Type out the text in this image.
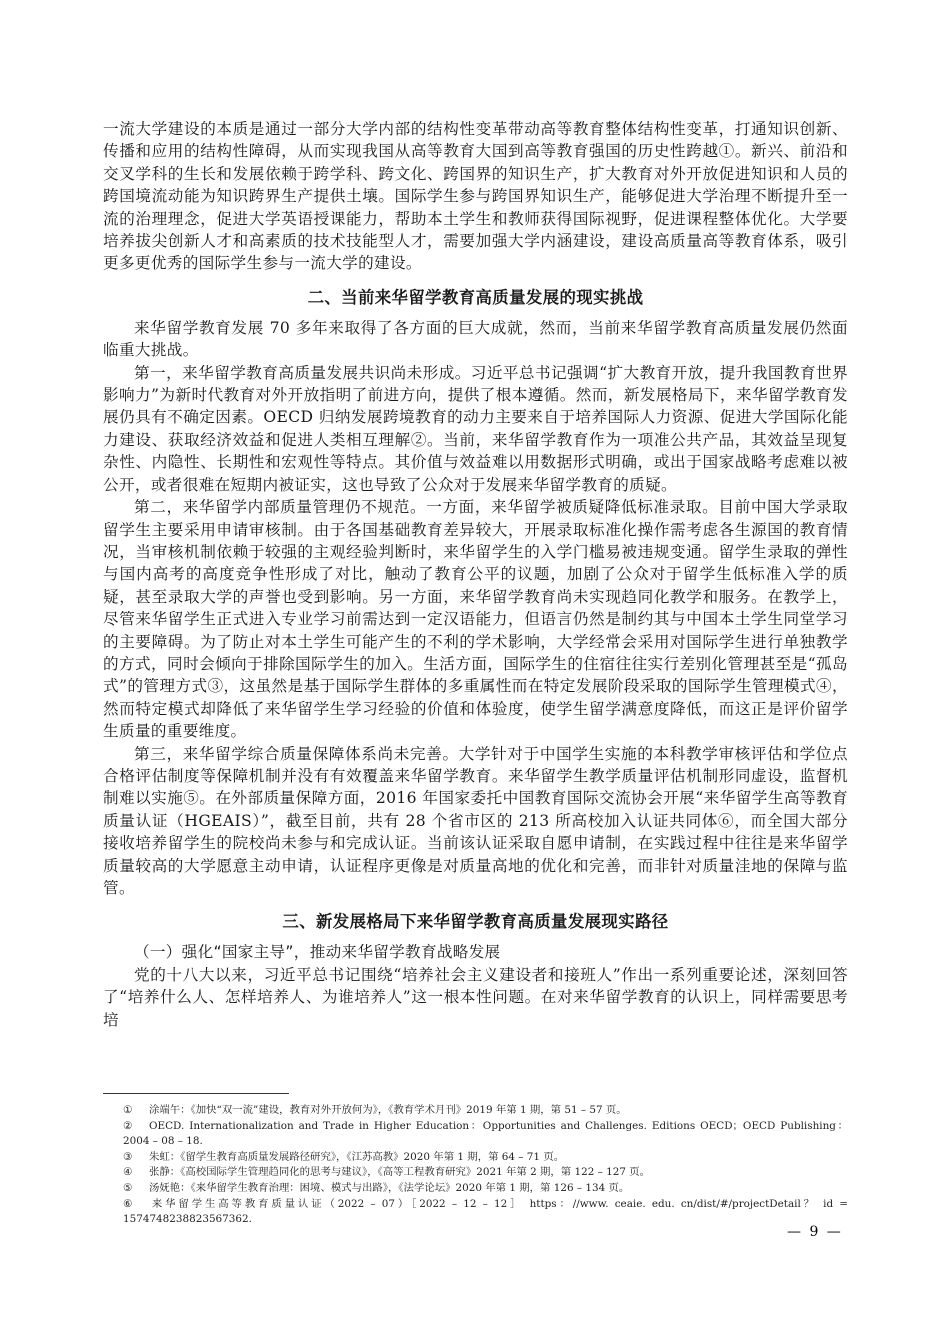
一流大学建设的本质是通过一部分大学内部的结构性变革带动高等教育整体结构性变革，打通知识创新、传播和应用的结构性障碍，从而实现我国从高等教育大国到高等教育强国的历史性跨越①。新兴、前沿和交叉学科的生长和发展依赖于跨学科、跨文化、跨国界的知识生产，扩大教育对外开放促进知识和人员的跨国境流动能为知识跨界生产提供土壤。国际学生参与跨国界知识生产，能够促进大学治理不断提升至一流的治理理念，促进大学英语授课能力，帮助本土学生和教师获得国际视野，促进课程整体优化。大学要培养拔尖创新人才和高素质的技术技能型人才，需要加强大学内涵建设，建设高质量高等教育体系，吸引更多更优秀的国际学生参与一流大学的建设。

二、当前来华留学教育高质量发展的现实挑战

来华留学教育发展 70 多年来取得了各方面的巨大成就，然而，当前来华留学教育高质量发展仍然面临重大挑战。

第一，来华留学教育高质量发展共识尚未形成。习近平总书记强调“扩大教育开放，提升我国教育世界影响力”为新时代教育对外开放指明了前进方向，提供了根本遵循。然而，新发展格局下，来华留学教育发展仍具有不确定因素。OECD 归纳发展跨境教育的动力主要来自于培养国际人力资源、促进大学国际化能力建设、获取经济效益和促进人类相互理解②。当前，来华留学教育作为一项准公共产品，其效益呈现复杂性、内隐性、长期性和宏观性等特点。其价值与效益难以用数据形式明确，或出于国家战略考虑难以被公开，或者很难在短期内被证实，这也导致了公众对于发展来华留学教育的质疑。

第二，来华留学内部质量管理仍不规范。一方面，来华留学被质疑降低标准录取。目前中国大学录取留学生主要采用申请审核制。由于各国基础教育差异较大，开展录取标准化操作需考虑各生源国的教育情况，当审核机制依赖于较强的主观经验判断时，来华留学生的入学门槛易被违规变通。留学生录取的弹性与国内高考的高度竞争性形成了对比，触动了教育公平的议题，加剧了公众对于留学生低标准入学的质疑，甚至录取大学的声誉也受到影响。另一方面，来华留学教育尚未实现趋同化教学和服务。在教学上，尽管来华留学生正式进入专业学习前需达到一定汉语能力，但语言仍然是制约其与中国本土学生同堂学习的主要障碍。为了防止对本土学生可能产生的不利的学术影响，大学经常会采用对国际学生进行单独教学的方式，同时会倾向于排除国际学生的加入。生活方面，国际学生的住宿往往实行差别化管理甚至是“孤岛式”的管理方式③，这虽然是基于国际学生群体的多重属性而在特定发展阶段采取的国际学生管理模式④，然而特定模式却降低了来华留学生学习经验的价值和体验度，使学生留学满意度降低，而这正是评价留学生质量的重要维度。

第三，来华留学综合质量保障体系尚未完善。大学针对于中国学生实施的本科教学审核评估和学位点合格评估制度等保障机制并没有有效覆盖来华留学教育。来华留学生教学质量评估机制形同虚设，监督机制难以实施⑤。在外部质量保障方面，2016 年国家委托中国教育国际交流协会开展“来华留学生高等教育质量认证（HGEAIS）”，截至目前，共有 28 个省市区的 213 所高校加入认证共同体⑥，而全国大部分接收培养留学生的院校尚未参与和完成认证。当前该认证采取自愿申请制，在实践过程中往往是来华留学质量较高的大学愿意主动申请，认证程序更像是对质量高地的优化和完善，而非针对质量洼地的保障与监管。

三、新发展格局下来华留学教育高质量发展现实路径

（一）强化“国家主导”，推动来华留学教育战略发展

党的十八大以来，习近平总书记围绕“培养社会主义建设者和接班人”作出一系列重要论述，深刻回答了“培养什么人、怎样培养人、为谁培养人”这一根本性问题。在对来华留学教育的认识上，同样需要思考培

① 涂端午：《加快“双一流”建设，教育对外开放何为》，《教育学术月刊》2019 年第 1 期，第 51 – 57 页。

② OECD. Internationalization and Trade in Higher Education：Opportunities and Challenges. Editions OECD；OECD Publishing：2004 – 08 – 18.

③ 朱虹：《留学生教育高质量发展路径研究》，《江苏高教》2020 年第 1 期，第 64 – 71 页。

④ 张静：《高校国际学生管理趋同化的思考与建议》，《高等工程教育研究》2021 年第 2 期，第 122 – 127 页。

⑤ 汤妩艳：《来华留学生教育治理：困境、模式与出路》，《法学论坛》2020 年第 1 期，第 126 – 134 页。

⑥ 来华留学生高等教育质量认证（2022 – 07）［2022 – 12 – 12］ https：//www. ceaie. edu. cn/dist/#/projectDetail？ id = 1574748238823567362.

— 9 —
